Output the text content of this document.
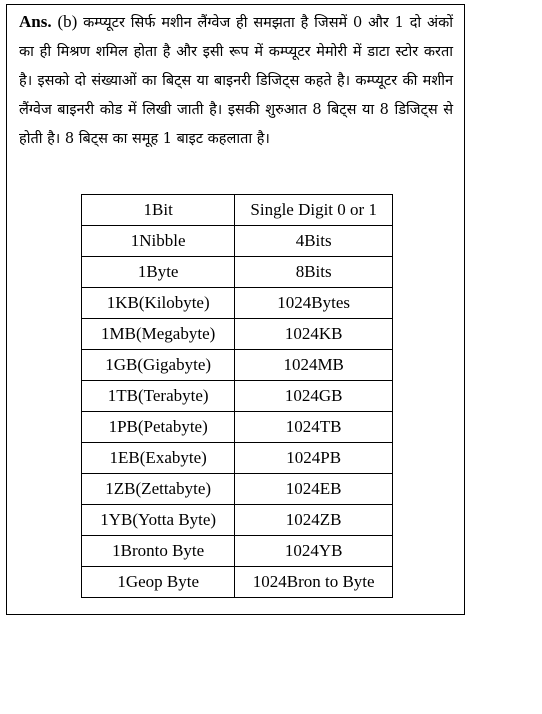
Ans. (b) कम्प्यूटर सिर्फ मशीन लैंग्वेज ही समझता है जिसमें 0 और 1 दो अंकों का ही मिश्रण शमिल होता है और इसी रूप में कम्प्यूटर मेमोरी में डाटा स्टोर करता है। इसको दो संख्याओं का बिट्स या बाइनरी डिजिट्स कहते है। कम्प्यूटर की मशीन लैंग्वेज बाइनरी कोड में लिखी जाती है। इसकी शुरुआत 8 बिट्स या 8 डिजिट्स से होती है। 8 बिट्स का समूह 1 बाइट कहलाता है।

1Bit	Single Digit 0 or 1
1Nibble	4Bits
1Byte	8Bits
1KB(Kilobyte)	1024Bytes
1MB(Megabyte)	1024KB
1GB(Gigabyte)	1024MB
1TB(Terabyte)	1024GB
1PB(Petabyte)	1024TB
1EB(Exabyte)	1024PB
1ZB(Zettabyte)	1024EB
1YB(Yotta Byte)	1024ZB
1Bronto Byte	1024YB
1Geop Byte	1024Bron to Byte
